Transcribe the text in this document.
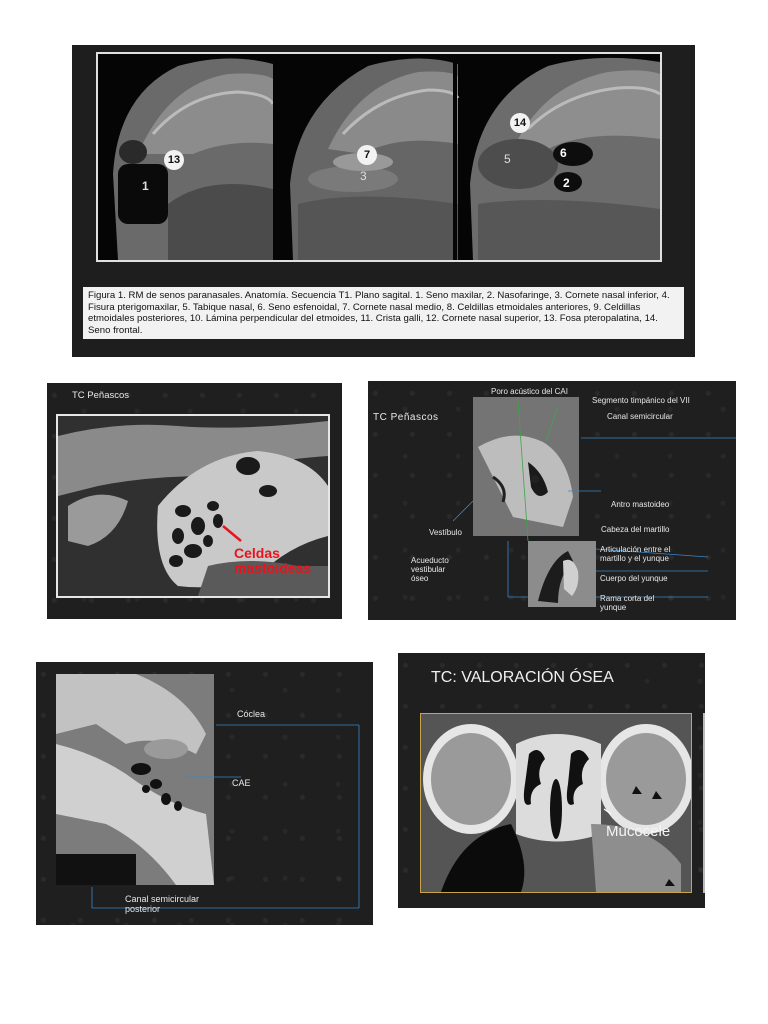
1
13	7
3
14
5	6
2
Figura 1. RM de senos paranasales. Anatomía. Secuencia T1. Plano sagital. 1. Seno maxilar, 2. Nasofaringe, 3. Cornete nasal inferior, 4. Fisura pterigomaxilar, 5. Tabique nasal, 6. Seno esfenoidal, 7. Cornete nasal medio, 8. Celdillas etmoidales anteriores, 9. Celdillas etmoidales posteriores, 10. Lámina perpendicular del etmoides, 11. Crista galli, 12. Cornete nasal superior, 13. Fosa pteropalatina, 14. Seno frontal.
TC Peñascos
Celdas
mastoideas
TC Peñascos
Poro acústico del CAI
Segmento timpánico del VII
Canal semicircular
Antro mastoideo
Vestíbulo	Cabeza del martillo
Acueducto
vestibular
óseo
Articulación entre el
martillo y el yunque
Cuerpo del yunque
Rama corta del
yunque
Cóclea
CAE
Canal semicircular
posterior
TC: VALORACIÓN ÓSEA
Mucocele
